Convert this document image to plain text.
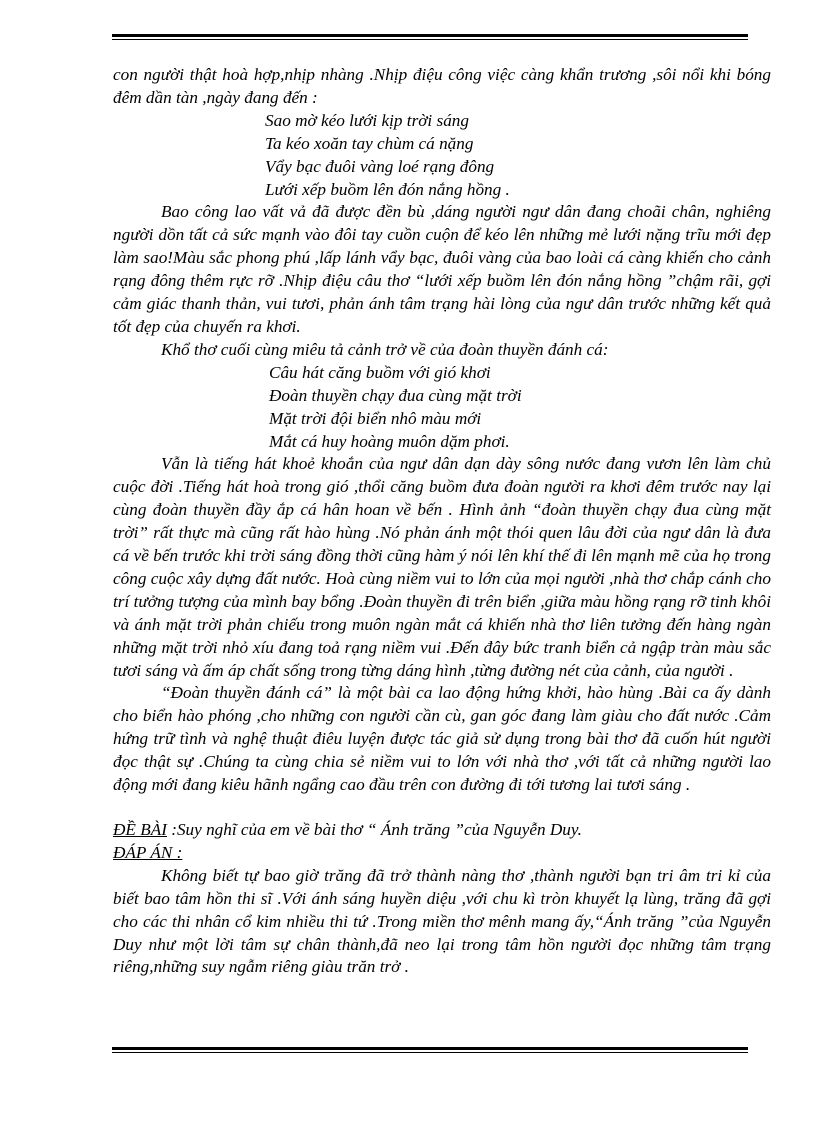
con người thật hoà hợp,nhịp nhàng .Nhịp điệu công việc càng khẩn trương ,sôi nổi khi bóng đêm dần tàn ,ngày đang đến :

Sao mờ kéo lưới kịp trời sáng
Ta kéo xoăn tay chùm cá nặng
Vẩy bạc đuôi vàng loé rạng đông
Lưới xếp buồm lên đón nắng hồng .

Bao công lao vất vả đã được đền bù ,dáng người ngư dân đang choãi chân, nghiêng người dồn tất cả sức mạnh vào đôi tay cuồn cuộn để kéo lên những mẻ lưới nặng trĩu mới đẹp làm sao!Màu sắc phong phú ,lấp lánh vẩy bạc, đuôi vàng của bao loài cá càng khiến cho cảnh rạng đông thêm rực rỡ .Nhịp điệu câu thơ “lưới xếp buồm lên đón nắng hồng ”chậm rãi, gợi cảm giác thanh thản, vui tươi, phản ánh tâm trạng hài lòng của ngư dân trước những kết quả tốt đẹp của chuyến ra khơi.

Khổ thơ cuối cùng miêu tả cảnh trở về của đoàn thuyền đánh cá:

Câu hát căng buồm với gió khơi
Đoàn thuyền chạy đua cùng mặt trời
Mặt trời đội biển nhô màu mới
Mắt cá huy hoàng muôn dặm phơi.

Vẫn là tiếng hát khoẻ khoắn của ngư dân dạn dày sông nước đang vươn lên làm chủ cuộc đời .Tiếng hát hoà trong gió ,thổi căng buồm đưa đoàn người ra khơi đêm trước nay lại cùng đoàn thuyền đầy ắp cá hân hoan về bến . Hình ảnh “đoàn thuyền chạy đua cùng mặt trời” rất thực mà cũng rất hào hùng .Nó phản ánh một thói quen lâu đời của ngư dân là đưa cá về bến trước khi trời sáng đồng thời cũng hàm ý nói lên khí thế đi lên mạnh mẽ của họ trong công cuộc xây dựng đất nước. Hoà cùng niềm vui to lớn của mọi người ,nhà thơ chắp cánh cho trí tưởng tượng của mình bay bổng .Đoàn thuyền đi trên biển ,giữa màu hồng rạng rỡ tinh khôi và ánh mặt trời phản chiếu trong muôn ngàn mắt cá khiến nhà thơ liên tưởng đến hàng ngàn những mặt trời nhỏ xíu đang toả rạng niềm vui .Đến đây bức tranh biển cả ngập tràn màu sắc tươi sáng và ấm áp chất sống trong từng dáng hình ,từng đường nét của cảnh, của người .

“Đoàn thuyền đánh cá” là một bài ca lao động hứng khởi, hào hùng .Bài ca ấy dành cho biển hào phóng ,cho những con người cần cù, gan góc đang làm giàu cho đất nước .Cảm hứng trữ tình và nghệ thuật điêu luyện được tác giả sử dụng trong bài thơ đã cuốn hút người đọc thật sự .Chúng ta cùng chia sẻ niềm vui to lớn với nhà thơ ,với tất cả những người lao động mới đang kiêu hãnh ngẩng cao đầu trên con đường đi tới tương lai tươi sáng .

ĐỀ BÀI :Suy nghĩ của em về bài thơ “ Ánh trăng ”của Nguyễn Duy.

ĐÁP ÁN :

Không biết tự bao giờ trăng đã trở thành nàng thơ ,thành người bạn tri âm tri kỉ của biết bao tâm hồn thi sĩ .Với ánh sáng huyền diệu ,với chu kì tròn khuyết lạ lùng, trăng đã gợi cho các thi nhân cổ kim nhiều thi tứ .Trong miền thơ mênh mang ấy,“Ánh trăng ”của Nguyễn Duy như một lời tâm sự chân thành,đã neo lại trong tâm hồn người đọc những tâm trạng riêng,những suy ngẫm riêng giàu trăn trở .
